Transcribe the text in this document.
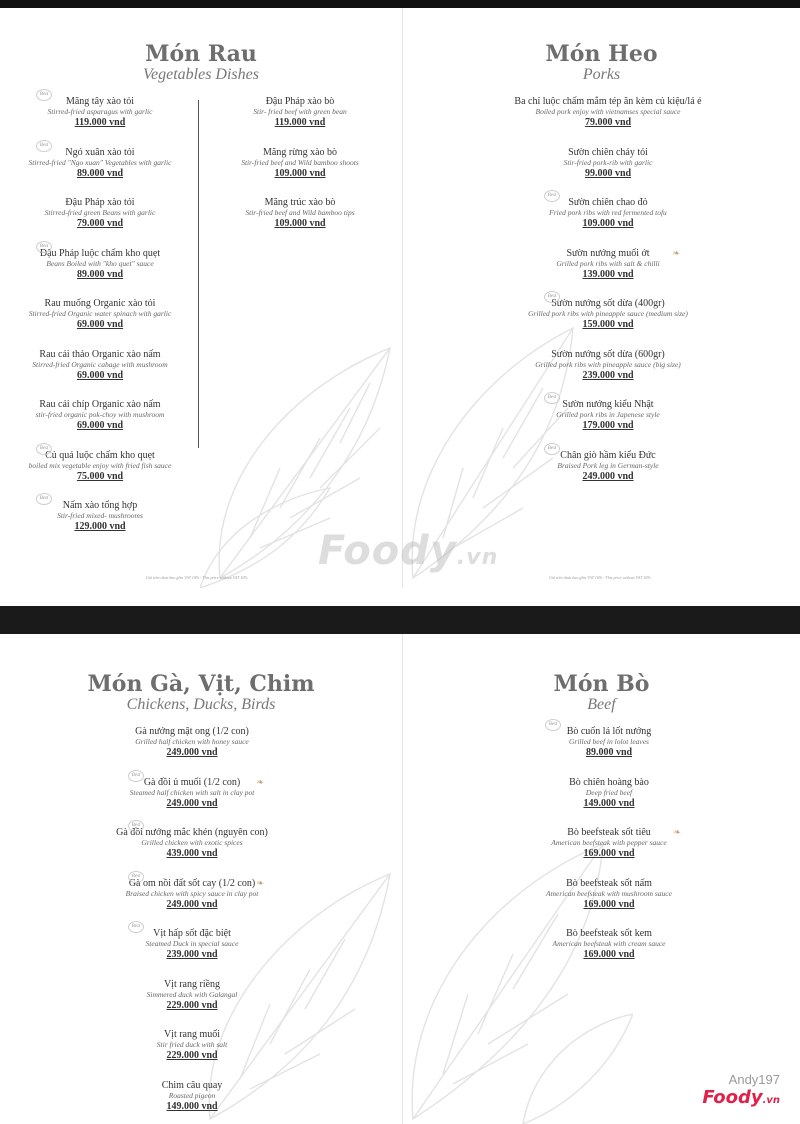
Món Rau
Vegetables Dishes
Best
Măng tây xào tỏi
Stirred-fried asparagus with garlic
119.000 vnd
Best
Ngó xuân xào tỏi
Stirred-fried "Ngo xuan" Vegetables with garlic
89.000 vnd
Đậu Pháp xào tỏi
Stirred-fried green Beans with garlic
79.000 vnd
Best
Đậu Pháp luộc chấm kho quẹt
Beans Boiled with "kho quet" sauce
89.000 vnd
Rau muống Organic xào tỏi
Stirred-fried Organic water spinach with garlic
69.000 vnd
Rau cải thảo Organic xào nấm
Stirred-fried Organic cabage with mushroom
69.000 vnd
Rau cải chíp Organic xào nấm
stir-fried organic pok-choy with mushroom
69.000 vnd
Best
Củ quả luộc chấm kho quẹt
boiled mix vegetable enjoy with fried fish sauce
75.000 vnd
Best
Nấm xào tổng hợp
Stir-fried mixed- mushrooms
129.000 vnd
Đậu Pháp xào bò
Stir- fried beef with green bean
119.000 vnd
Măng rừng xào bò
Stir-fried beef and Wild bamboo shoots
109.000 vnd
Măng trúc xào bò
Stir-fried beef and Wild bamboo tips
109.000 vnd
Giá trên chưa bao gồm VAT 10% - This price without VAT 10%
Món Heo
Porks
Ba chỉ luộc chấm mắm tép ăn kèm củ kiệu/lá é
Boiled pork enjoy with vietnamses special sauce
79.000 vnd
Sườn chiên cháy tỏi
Stir-fried pork-rib with garlic
99.000 vnd
Best
Sườn chiên chao đỏ
Fried pork ribs with red fermented tofu
109.000 vnd
Sườn nướng muối ớt	❧
Grilled pork ribs with salt & chilli
139.000 vnd
Best
Sườn nướng sốt dừa (400gr)
Grilled pork ribs with pineapple sauce (medium size)
159.000 vnd
Sườn nướng sốt dừa (600gr)
Grilled pork ribs with pineapple sauce (big size)
239.000 vnd
Best
Sườn nướng kiểu Nhật
Grilled pork ribs in Japenese style
179.000 vnd
Best
Chân giò hầm kiểu Đức
Braised Pork leg in German-style
249.000 vnd
Giá trên chưa bao gồm VAT 10% - This price without VAT 10%
Foody.vn
Món Gà, Vịt, Chim
Chickens, Ducks, Birds
Gà nướng mật ong (1/2 con)
Grilled half chicken with honey sauce
249.000 vnd
Best
Gà đồi ủ muối (1/2 con)	❧
Steamed half chicken with salt in clay pot
249.000 vnd
Best
Gà đồi nướng mắc khén (nguyên con)
Grilled chicken with exotic spices
439.000 vnd
Best
Gà om nồi đất sốt cay (1/2 con) ❧
Braised chicken with spicy sauce in clay pot
249.000 vnd
Best
Vịt hấp sốt đặc biệt
Steamed Duck in special sauce
239.000 vnd
Vịt rang riềng
Simmered duck with Galangal
229.000 vnd
Vịt rang muối
Stir fried duck with salt
229.000 vnd
Chim câu quay
Roasted pigeon
149.000 vnd
Món Bò
Beef
Best
Bò cuốn lá lốt nướng
Grilled beef in lolot leaves
89.000 vnd
Bò chiên hoàng bào
Deep fried beef
149.000 vnd
Bò beefsteak sốt tiêu	❧
American beefsteak with pepper sauce
169.000 vnd
Bò beefsteak sốt nấm
American beefsteak with mushroom sauce
169.000 vnd
Bò beefsteak sốt kem
American beefsteak with cream sauce
169.000 vnd
Andy197
Foody.vn
